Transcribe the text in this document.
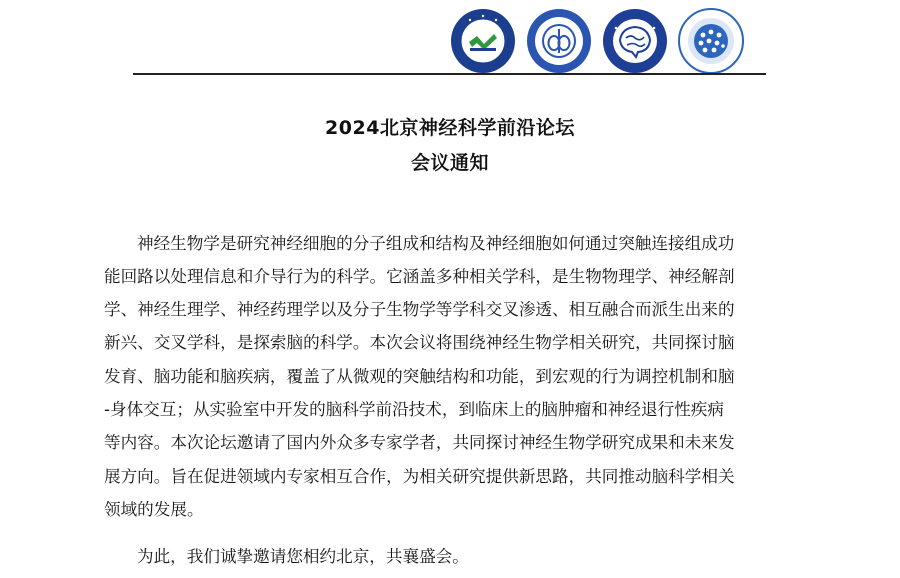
2024北京神经科学前沿论坛
会议通知
神经生物学是研究神经细胞的分子组成和结构及神经细胞如何通过突触连接组成功
能回路以处理信息和介导行为的科学。它涵盖多种相关学科，是生物物理学、神经解剖
学、神经生理学、神经药理学以及分子生物学等学科交叉渗透、相互融合而派生出来的
新兴、交叉学科，是探索脑的科学。本次会议将围绕神经生物学相关研究，共同探讨脑
发育、脑功能和脑疾病，覆盖了从微观的突触结构和功能，到宏观的行为调控机制和脑
-身体交互；从实验室中开发的脑科学前沿技术，到临床上的脑肿瘤和神经退行性疾病
等内容。本次论坛邀请了国内外众多专家学者，共同探讨神经生物学研究成果和未来发
展方向。旨在促进领域内专家相互合作，为相关研究提供新思路，共同推动脑科学相关
领域的发展。
为此，我们诚挚邀请您相约北京，共襄盛会。
